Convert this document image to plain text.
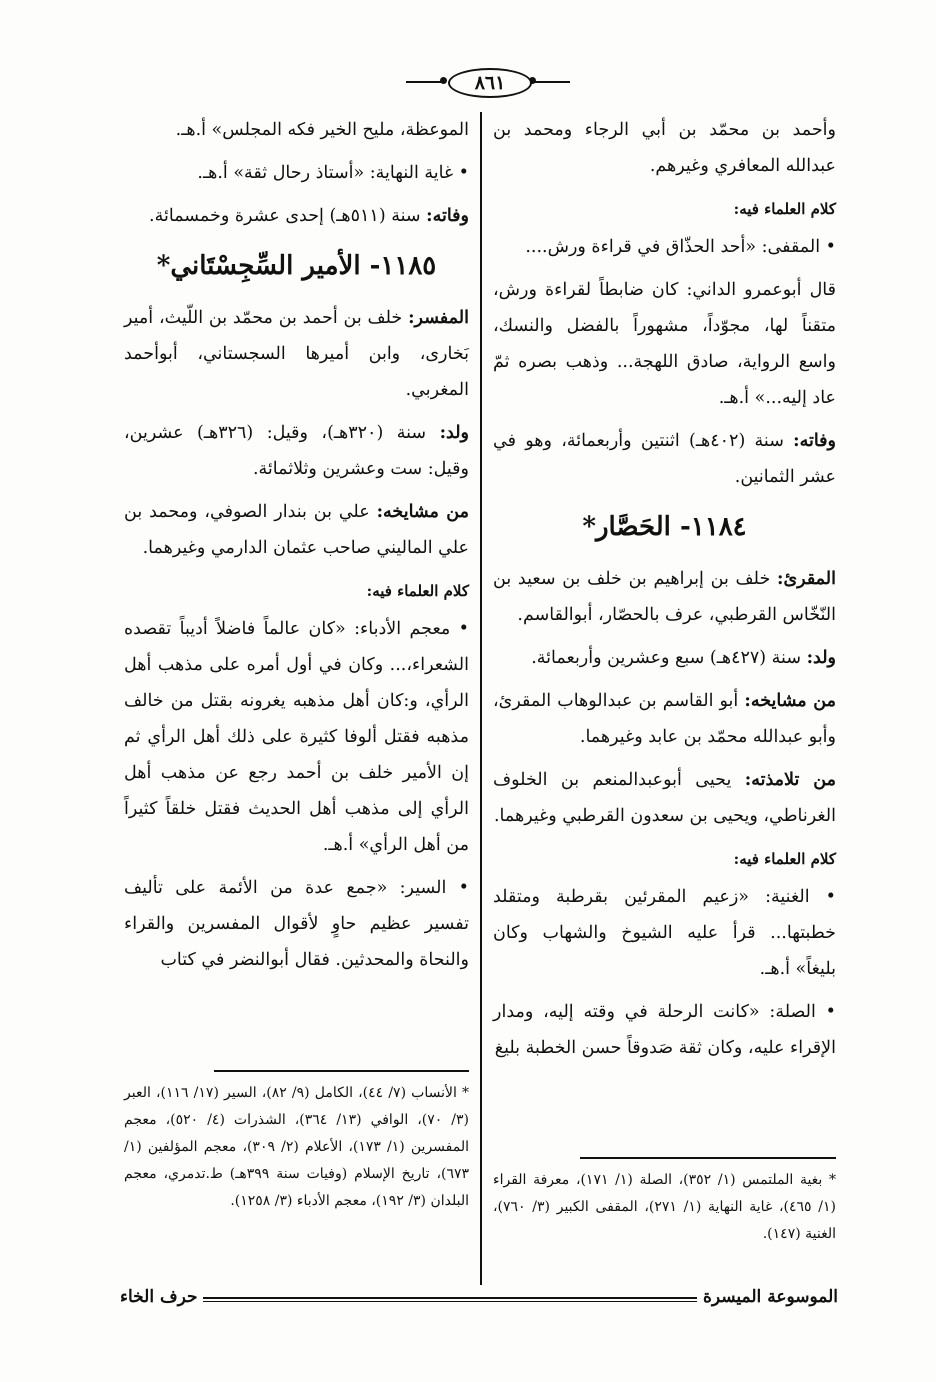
٨٦١

وأحمد بن محمّد بن أبي الرجاء ومحمد بن عبدالله المعافري وغيرهم.

كلام العلماء فيه:

• المقفى: «أحد الحذّاق في قراءة ورش....

قال أبوعمرو الداني: كان ضابطاً لقراءة ورش، متقناً لها، مجوّداً، مشهوراً بالفضل والنسك، واسع الرواية، صادق اللهجة... وذهب بصره ثمّ عاد إليه...» أ.هـ.

وفاته: سنة (٤٠٢هـ) اثنتين وأربعمائة، وهو في عشر الثمانين.

١١٨٤- الحَصَّار*

المقرئ: خلف بن إبراهيم بن خلف بن سعيد بن النّخّاس القرطبي، عرف بالحصّار، أبوالقاسم.

ولد: سنة (٤٢٧هـ) سبع وعشرين وأربعمائة.

من مشايخه: أبو القاسم بن عبدالوهاب المقرئ، وأبو عبدالله محمّد بن عابد وغيرهما.

من تلامذته: يحيى أبوعبدالمنعم بن الخلوف الغرناطي، ويحيى بن سعدون القرطبي وغيرهما.

كلام العلماء فيه:

• الغنية: «زعيم المقرئين بقرطبة ومتقلد خطبتها... قرأ عليه الشيوخ والشهاب وكان بليغاً» أ.هـ.

• الصلة: «كانت الرحلة في وقته إليه، ومدار الإقراء عليه، وكان ثقة صَدوقاً حسن الخطبة بليغ

الموعظة، مليح الخير فكه المجلس» أ.هـ.

• غاية النهاية: «أستاذ رحال ثقة» أ.هـ.

وفاته: سنة (٥١١هـ) إحدى عشرة وخمسمائة.

١١٨٥- الأمير السِّجِسْتَاني*

المفسر: خلف بن أحمد بن محمّد بن اللّيث، أمير بَخارى، وابن أميرها السجستاني، أبوأحمد المغربي.

ولد: سنة (٣٢٠هـ)، وقيل: (٣٢٦هـ) عشرين، وقيل: ست وعشرين وثلاثمائة.

من مشايخه: علي بن بندار الصوفي، ومحمد بن علي الماليني صاحب عثمان الدارمي وغيرهما.

كلام العلماء فيه:

• معجم الأدباء: «كان عالماً فاضلاً أديباً تقصده الشعراء،... وكان في أول أمره على مذهب أهل الرأي، و:كان أهل مذهبه يغرونه بقتل من خالف مذهبه فقتل ألوفا كثيرة على ذلك أهل الرأي ثم إن الأمير خلف بن أحمد رجع عن مذهب أهل الرأي إلى مذهب أهل الحديث فقتل خلقاً كثيراً من أهل الرأي» أ.هـ.

• السير: «جمع عدة من الأئمة على تأليف تفسير عظيم حاوٍ لأقوال المفسرين والقراء والنحاة والمحدثين. فقال أبوالنضر في كتاب

* بغية الملتمس (١/ ٣٥٢)، الصلة (١/ ١٧١)، معرفة القراء (١/ ٤٦٥)، غاية النهاية (١/ ٢٧١)، المقفى الكبير (٣/ ٧٦٠)، الغنية (١٤٧).
* الأنساب (٧/ ٤٤)، الكامل (٩/ ٨٢)، السير (١٧/ ١١٦)، العبر (٣/ ٧٠)، الوافي (١٣/ ٣٦٤)، الشذرات (٤/ ٥٢٠)، معجم المفسرين (١/ ١٧٣)، الأعلام (٢/ ٣٠٩)، معجم المؤلفين (١/ ٦٧٣)، تاريخ الإسلام (وفيات سنة ٣٩٩هـ) ط.تدمري، معجم البلدان (٣/ ١٩٢)، معجم الأدباء (٣/ ١٢٥٨).
الموسوعة الميسرة
حرف الخاء
